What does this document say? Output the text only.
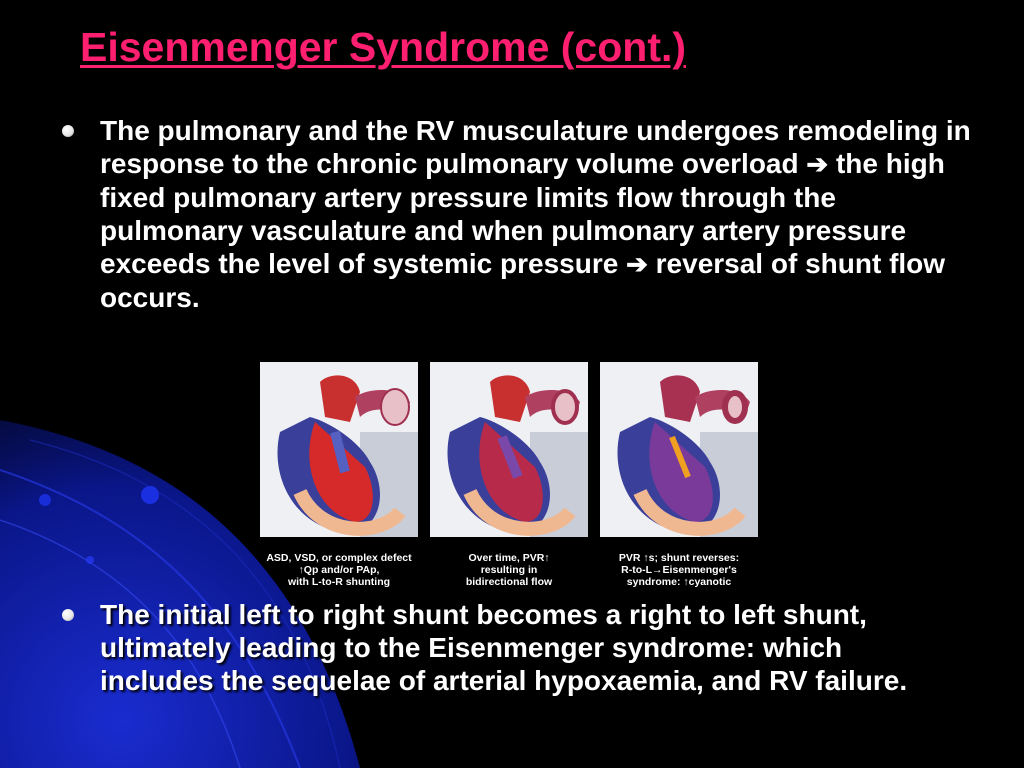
Eisenmenger Syndrome (cont.)
The pulmonary and the RV musculature undergoes remodeling in response to the chronic pulmonary volume overload ➔ the high fixed pulmonary artery pressure limits flow through the pulmonary vasculature and when pulmonary artery pressure exceeds the level of systemic pressure ➔ reversal of shunt flow occurs.
ASD, VSD, or complex defect
↑Qp and/or PAp,
with L-to-R shunting
Over time, PVR↑
resulting in
bidirectional flow
PVR ↑s; shunt reverses:
R-to-L→Eisenmenger's
syndrome: ↑cyanotic
The initial left to right shunt becomes a right to left shunt, ultimately leading to the Eisenmenger syndrome: which includes the sequelae of arterial hypoxaemia, and RV failure.
